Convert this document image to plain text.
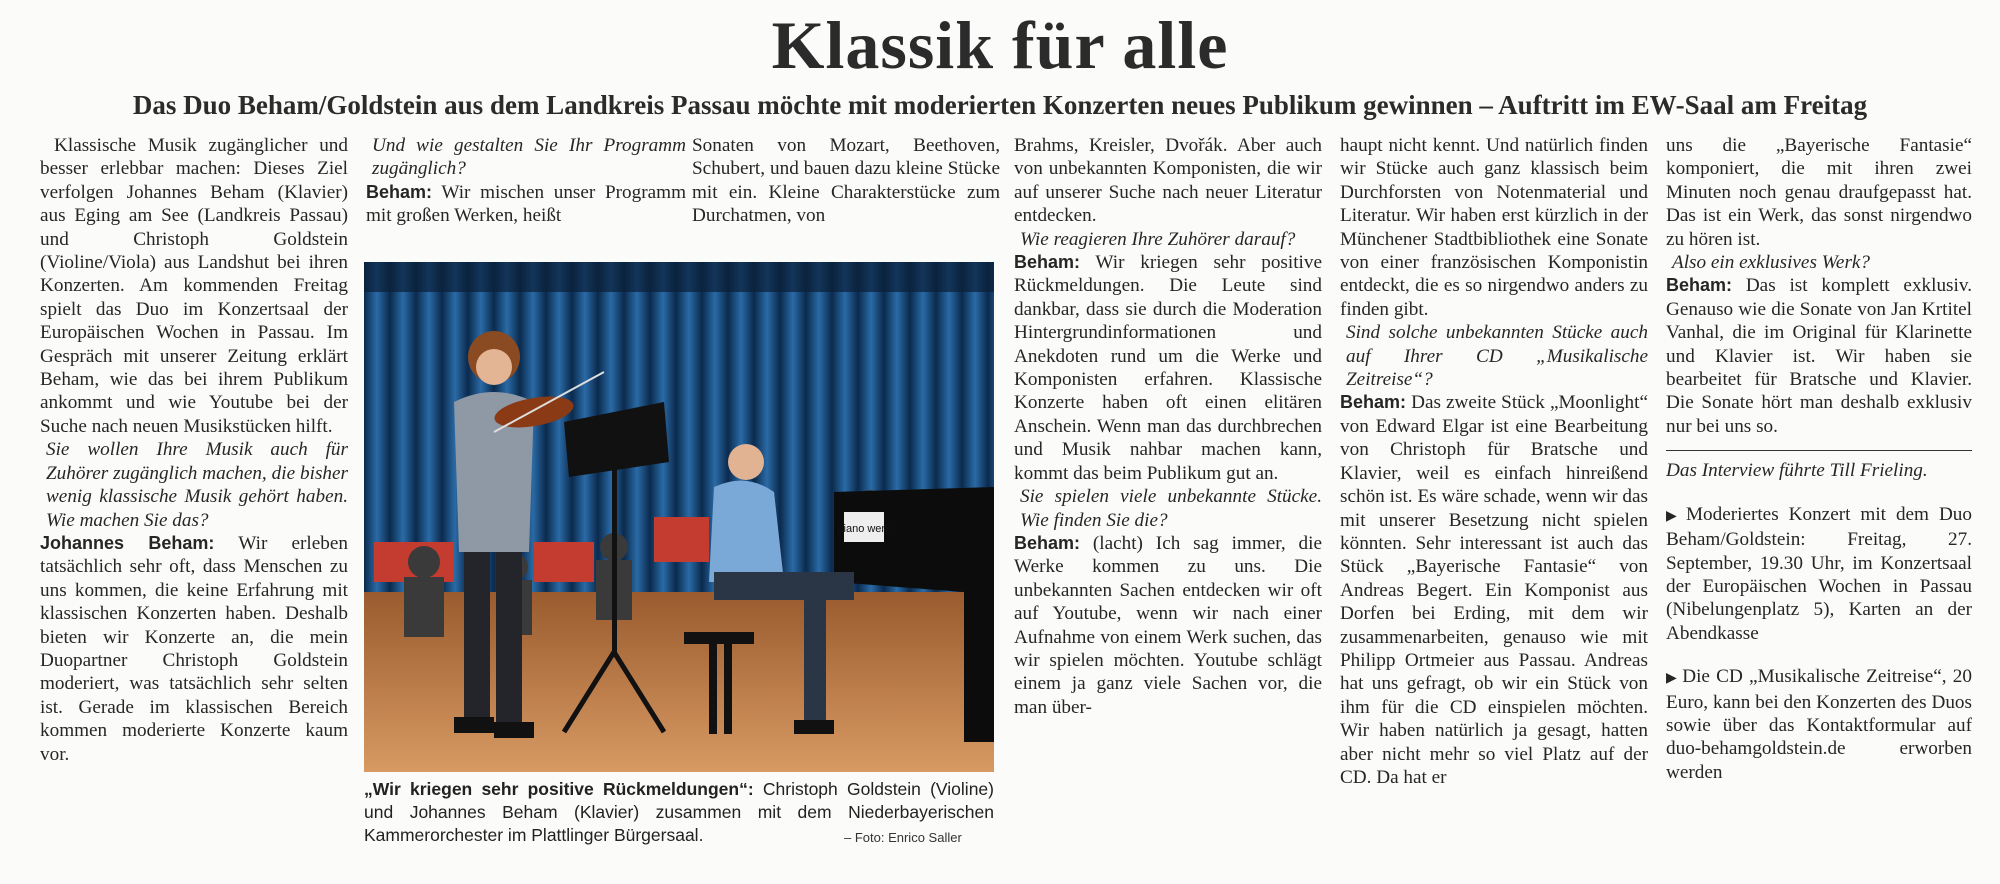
Klassik für alle
Das Duo Beham/Goldstein aus dem Landkreis Passau möchte mit moderierten Konzerten neues Publikum gewinnen – Auftritt im EW-Saal am Freitag

Klassische Musik zugänglicher und besser erlebbar machen: Dieses Ziel verfolgen Johannes Beham (Klavier) aus Eging am See (Landkreis Passau) und Christoph Goldstein (Violine/Viola) aus Landshut bei ihren Konzerten. Am kommenden Freitag spielt das Duo im Konzertsaal der Europäischen Wochen in Passau. Im Gespräch mit unserer Zeitung erklärt Beham, wie das bei ihrem Publikum ankommt und wie Youtube bei der Suche nach neuen Musikstücken hilft.

Sie wollen Ihre Musik auch für Zuhörer zugänglich machen, die bisher wenig klassische Musik gehört haben. Wie machen Sie das?

Johannes Beham: Wir erleben tatsächlich sehr oft, dass Menschen zu uns kommen, die keine Erfahrung mit klassischen Konzerten haben. Deshalb bieten wir Konzerte an, die mein Duopartner Christoph Goldstein moderiert, was tatsächlich sehr selten ist. Gerade im klassischen Bereich kommen moderierte Konzerte kaum vor.

Und wie gestalten Sie Ihr Programm zugänglich?

Beham: Wir mischen unser Programm mit großen Werken, heißt

Sonaten von Mozart, Beethoven, Schubert, und bauen dazu kleine Stücke mit ein. Kleine Charakterstücke zum Durchatmen, von

Brahms, Kreisler, Dvořák. Aber auch von unbekannten Komponisten, die wir auf unserer Suche nach neuer Literatur entdecken.

Wie reagieren Ihre Zuhörer darauf?

Beham: Wir kriegen sehr positive Rückmeldungen. Die Leute sind dankbar, dass sie durch die Moderation Hintergrundinformationen und Anekdoten rund um die Werke und Komponisten erfahren. Klassische Konzerte haben oft einen elitären Anschein. Wenn man das durchbrechen und Musik nahbar machen kann, kommt das beim Publikum gut an.

Sie spielen viele unbekannte Stücke. Wie finden Sie die?

Beham: (lacht) Ich sag immer, die Werke kommen zu uns. Die unbekannten Sachen entdecken wir oft auf Youtube, wenn wir nach einer Aufnahme von einem Werk suchen, das wir spielen möchten. Youtube schlägt einem ja ganz viele Sachen vor, die man über-

haupt nicht kennt. Und natürlich finden wir Stücke auch ganz klassisch beim Durchforsten von Notenmaterial und Literatur. Wir haben erst kürzlich in der Münchener Stadtbibliothek eine Sonate von einer französischen Komponistin entdeckt, die es so nirgendwo anders zu finden gibt.

Sind solche unbekannten Stücke auch auf Ihrer CD „Musikalische Zeitreise“?

Beham: Das zweite Stück „Moonlight“ von Edward Elgar ist eine Bearbeitung von Christoph für Bratsche und Klavier, weil es einfach hinreißend schön ist. Es wäre schade, wenn wir das mit unserer Besetzung nicht spielen könnten. Sehr interessant ist auch das Stück „Bayerische Fantasie“ von Andreas Begert. Ein Komponist aus Dorfen bei Erding, mit dem wir zusammenarbeiten, genauso wie mit Philipp Ortmeier aus Passau. Andreas hat uns gefragt, ob wir ein Stück von ihm für die CD einspielen möchten. Wir haben natürlich ja gesagt, hatten aber nicht mehr so viel Platz auf der CD. Da hat er

uns die „Bayerische Fantasie“ komponiert, die mit ihren zwei Minuten noch genau draufgepasst hat. Das ist ein Werk, das sonst nirgendwo zu hören ist.

Also ein exklusives Werk?

Beham: Das ist komplett exklusiv. Genauso wie die Sonate von Jan Krtitel Vanhal, die im Original für Klarinette und Klavier ist. Wir haben sie bearbeitet für Bratsche und Klavier. Die Sonate hört man deshalb exklusiv nur bei uns so.

Das Interview führte Till Frieling.

▶ Moderiertes Konzert mit dem Duo Beham/Goldstein: Freitag, 27. September, 19.30 Uhr, im Konzertsaal der Europäischen Wochen in Passau (Nibelungenplatz 5), Karten an der Abendkasse

▶ Die CD „Musikalische Zeitreise“, 20 Euro, kann bei den Konzerten des Duos sowie über das Kontaktformular auf duo-behamgoldstein.de erworben werden

piano werk
„Wir kriegen sehr positive Rückmeldungen“: Christoph Goldstein (Violine) und Johannes Beham (Klavier) zusammen mit dem Niederbayerischen Kammerorchester im Plattlinger Bürgersaal.	– Foto: Enrico Saller
